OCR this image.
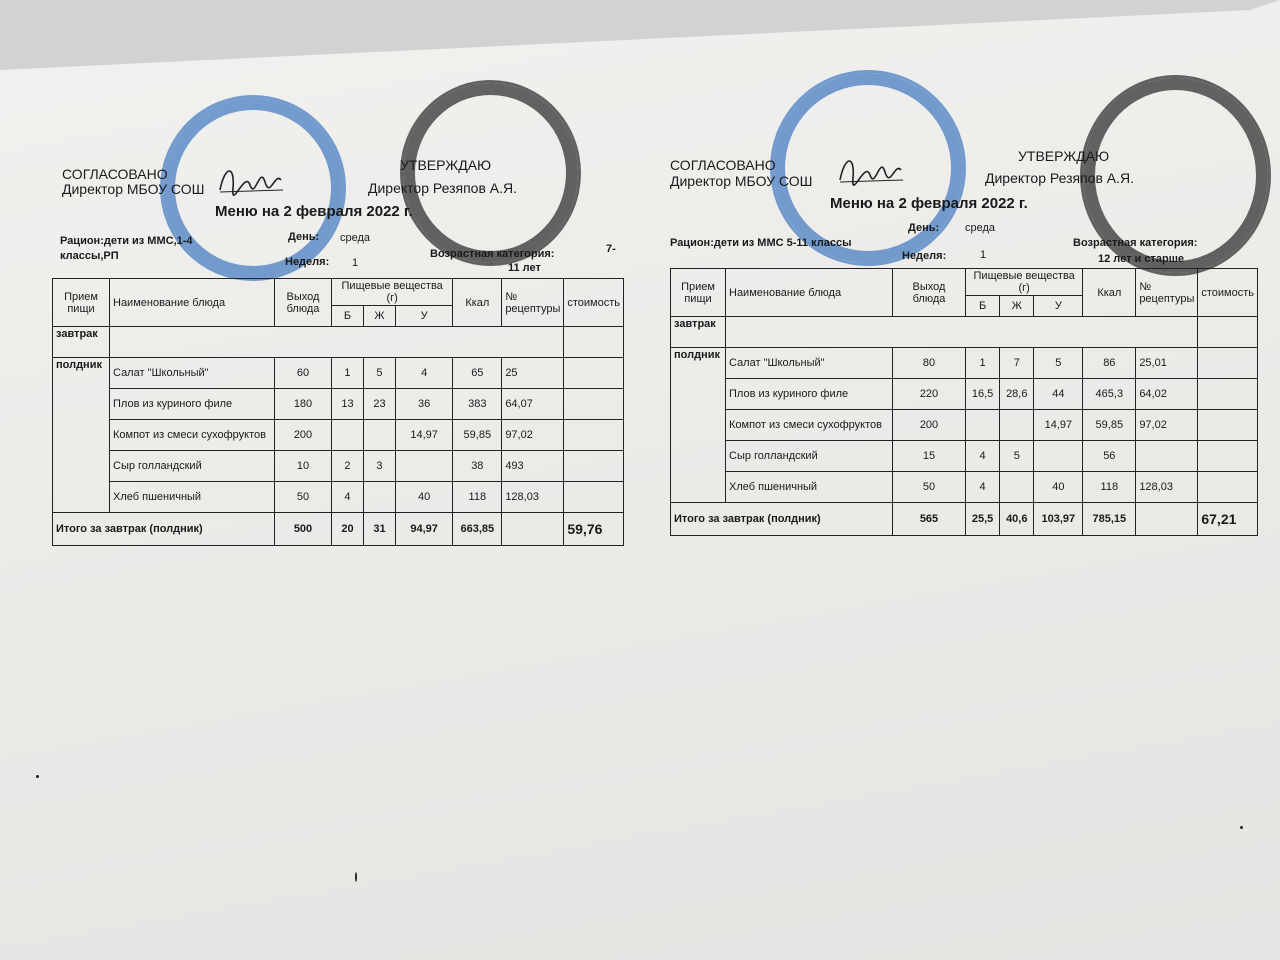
СОГЛАСОВАНО
Директор МБОУ СОШ
УТВЕРЖДАЮ
Директор Резяпов А.Я.
Меню на 2 февраля 2022 г.
Рацион:дети из ММС,1-4
классы,РП
День: среда
Неделя: 1
Возрастная категория:	7-
11 лет
Прием пищи	Наименование блюда	Выход блюда	Пищевые вещества (г)			Ккал	№ рецептуры	стоимость
			Б	Ж	У			
завтрак								
полдник	Салат "Школьный"	60	1	5	4	65	25	
	Плов из куриного филе	180	13	23	36	383	64,07	
	Компот из смеси сухофруктов	200			14,97	59,85	97,02	
	Сыр голландский	10	2	3		38	493	
	Хлеб пшеничный	50	4		40	118	128,03	
Итого за завтрак (полдник)		500	20	31	94,97	663,85		59,76
СОГЛАСОВАНО
Директор МБОУ СОШ
УТВЕРЖДАЮ
Директор Резяпов А.Я.
Меню на 2 февраля 2022 г.
Рацион:дети из ММС 5-11 классы
День: среда
Неделя:	1
Возрастная категория:
12 лет и старше
Прием пищи	Наименование блюда	Выход блюда	Пищевые вещества (г)			Ккал	№ рецептуры	стоимость
			Б	Ж	У			
завтрак								
полдник	Салат "Школьный"	80	1	7	5	86	25,01	
	Плов из куриного филе	220	16,5	28,6	44	465,3	64,02	
	Компот из смеси сухофруктов	200			14,97	59,85	97,02	
	Сыр голландский	15	4	5		56		
	Хлеб пшеничный	50	4		40	118	128,03	
Итого за завтрак (полдник)		565	25,5	40,6	103,97	785,15		67,21
